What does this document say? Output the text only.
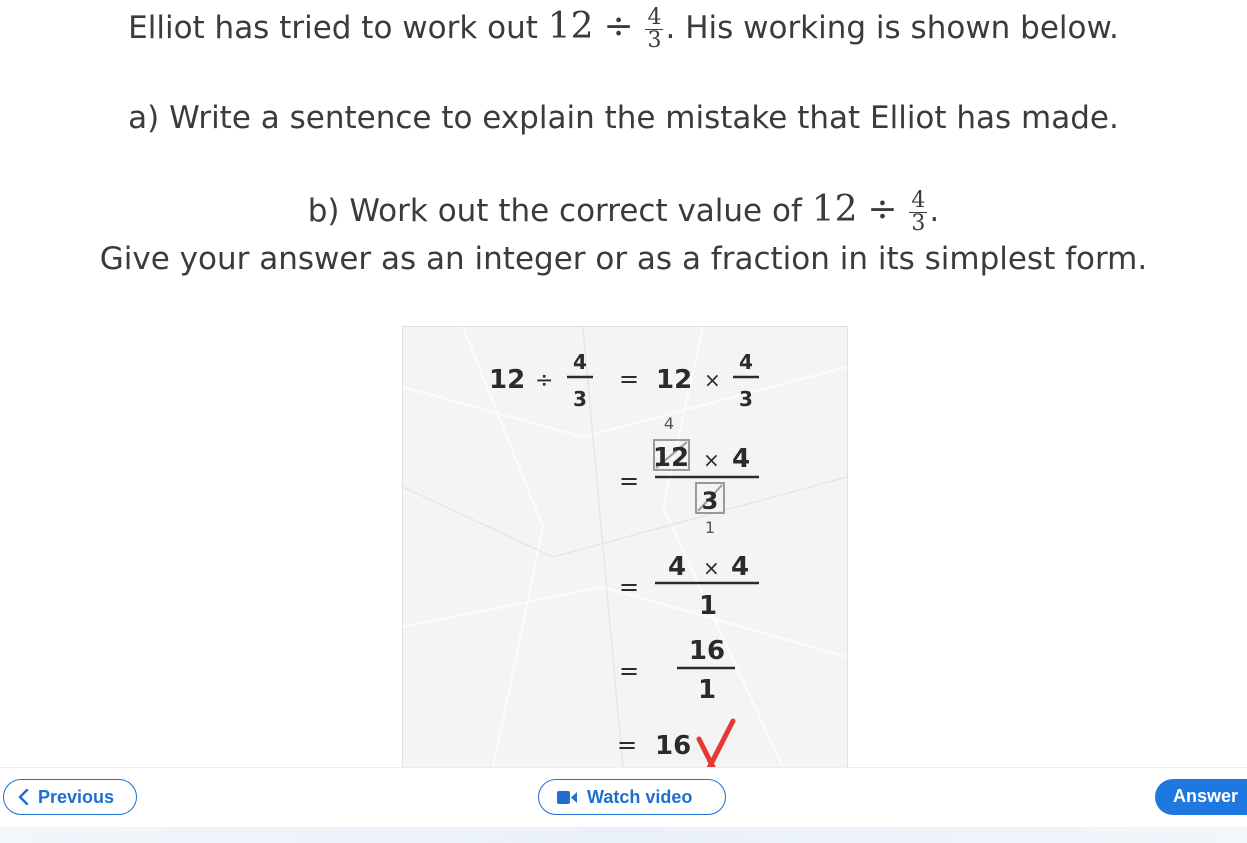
Elliot has tried to work out $12 \div \frac{4}{3}$ . His working is shown below.
a) Write a sentence to explain the mistake that Elliot has made.
b) Work out the correct value of $12 \div \frac{4}{3}$ .
Give your answer as an integer or as a fraction in its simplest form.
12 ÷
4
3
= 12 ×
4
3
4
12 × 4
=
3
1
4 × 4
=
1
16
=
1
= 16
Previous	Watch video	Answer
